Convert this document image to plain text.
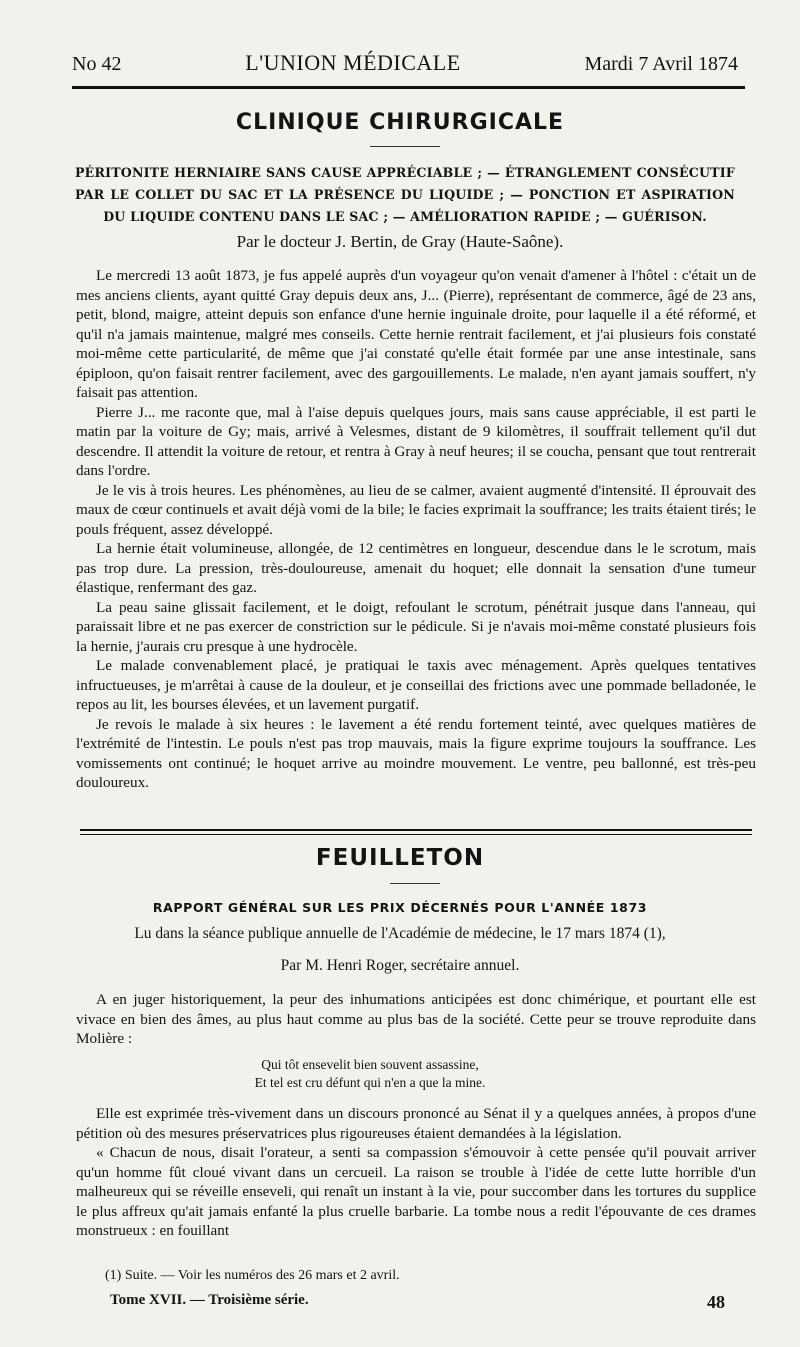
No 42	L'UNION MÉDICALE	Mardi 7 Avril 1874
CLINIQUE CHIRURGICALE
PÉRITONITE HERNIAIRE SANS CAUSE APPRÉCIABLE ; — ÉTRANGLEMENT CONSÉCUTIF PAR LE COLLET DU SAC ET LA PRÉSENCE DU LIQUIDE ; — PONCTION ET ASPIRATION DU LIQUIDE CONTENU DANS LE SAC ; — AMÉLIORATION RAPIDE ; — GUÉRISON.
Par le docteur J. Bertin, de Gray (Haute-Saône).

Le mercredi 13 août 1873, je fus appelé auprès d'un voyageur qu'on venait d'amener à l'hôtel : c'était un de mes anciens clients, ayant quitté Gray depuis deux ans, J... (Pierre), représentant de commerce, âgé de 23 ans, petit, blond, maigre, atteint depuis son enfance d'une hernie inguinale droite, pour laquelle il a été réformé, et qu'il n'a jamais maintenue, malgré mes conseils. Cette hernie rentrait facilement, et j'ai plusieurs fois constaté moi-même cette particularité, de même que j'ai constaté qu'elle était formée par une anse intestinale, sans épiploon, qu'on faisait rentrer facilement, avec des gargouillements. Le malade, n'en ayant jamais souffert, n'y faisait pas attention.

Pierre J... me raconte que, mal à l'aise depuis quelques jours, mais sans cause appréciable, il est parti le matin par la voiture de Gy; mais, arrivé à Velesmes, distant de 9 kilomètres, il souffrait tellement qu'il dut descendre. Il attendit la voiture de retour, et rentra à Gray à neuf heures; il se coucha, pensant que tout rentrerait dans l'ordre.

Je le vis à trois heures. Les phénomènes, au lieu de se calmer, avaient augmenté d'intensité. Il éprouvait des maux de cœur continuels et avait déjà vomi de la bile; le facies exprimait la souffrance; les traits étaient tirés; le pouls fréquent, assez développé.

La hernie était volumineuse, allongée, de 12 centimètres en longueur, descendue dans le le scrotum, mais pas trop dure. La pression, très-douloureuse, amenait du hoquet; elle donnait la sensation d'une tumeur élastique, renfermant des gaz.

La peau saine glissait facilement, et le doigt, refoulant le scrotum, pénétrait jusque dans l'anneau, qui paraissait libre et ne pas exercer de constriction sur le pédicule. Si je n'avais moi-même constaté plusieurs fois la hernie, j'aurais cru presque à une hydrocèle.

Le malade convenablement placé, je pratiquai le taxis avec ménagement. Après quelques tentatives infructueuses, je m'arrêtai à cause de la douleur, et je conseillai des frictions avec une pommade belladonée, le repos au lit, les bourses élevées, et un lavement purgatif.

Je revois le malade à six heures : le lavement a été rendu fortement teinté, avec quelques matières de l'extrémité de l'intestin. Le pouls n'est pas trop mauvais, mais la figure exprime toujours la souffrance. Les vomissements ont continué; le hoquet arrive au moindre mouvement. Le ventre, peu ballonné, est très-peu douloureux.

FEUILLETON
RAPPORT GÉNÉRAL SUR LES PRIX DÉCERNÉS POUR L'ANNÉE 1873
Lu dans la séance publique annuelle de l'Académie de médecine, le 17 mars 1874 (1),
Par M. Henri Roger, secrétaire annuel.

A en juger historiquement, la peur des inhumations anticipées est donc chimérique, et pourtant elle est vivace en bien des âmes, au plus haut comme au plus bas de la société. Cette peur se trouve reproduite dans Molière :

Qui tôt ensevelit bien souvent assassine,
Et tel est cru défunt qui n'en a que la mine.

Elle est exprimée très-vivement dans un discours prononcé au Sénat il y a quelques années, à propos d'une pétition où des mesures préservatrices plus rigoureuses étaient demandées à la législation.

« Chacun de nous, disait l'orateur, a senti sa compassion s'émouvoir à cette pensée qu'il pouvait arriver qu'un homme fût cloué vivant dans un cercueil. La raison se trouble à l'idée de cette lutte horrible d'un malheureux qui se réveille enseveli, qui renaît un instant à la vie, pour succomber dans les tortures du supplice le plus affreux qu'ait jamais enfanté la plus cruelle barbarie. La tombe nous a redit l'épouvante de ces drames monstrueux : en fouillant

(1) Suite. — Voir les numéros des 26 mars et 2 avril.
Tome XVII. — Troisième série.	48
